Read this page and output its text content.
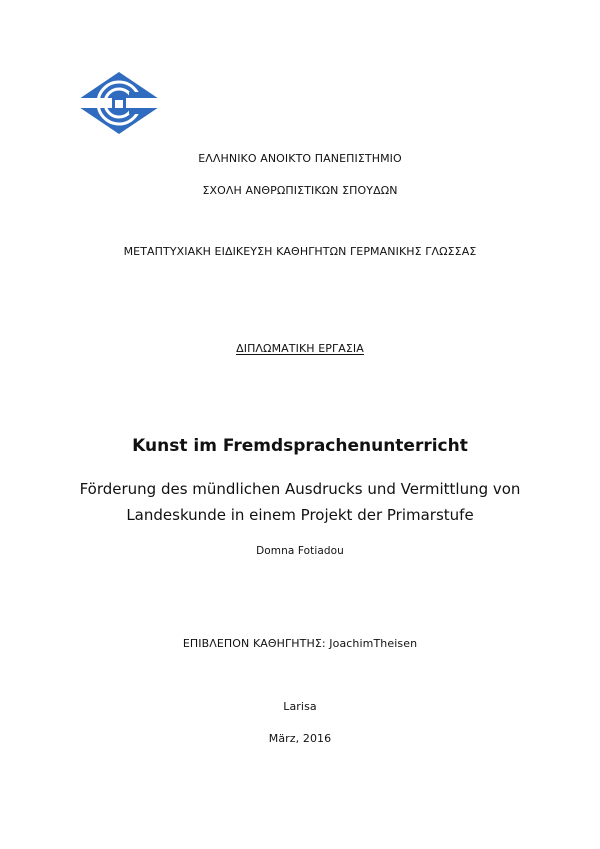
ΕΛΛΗΝΙΚΟ ΑΝΟΙΚΤΟ ΠΑΝΕΠΙΣΤΗΜΙΟ
ΣΧΟΛΗ ΑΝΘΡΩΠΙΣΤΙΚΩΝ ΣΠΟΥΔΩΝ
ΜΕΤΑΠΤΥΧΙΑΚΗ ΕΙΔΙΚΕΥΣΗ ΚΑΘΗΓΗΤΩΝ ΓΕΡΜΑΝΙΚΗΣ ΓΛΩΣΣΑΣ
ΔΙΠΛΩΜΑΤΙΚΗ ΕΡΓΑΣΙΑ
Kunst im Fremdsprachenunterricht
Förderung des mündlichen Ausdrucks und Vermittlung von
Landeskunde in einem Projekt der Primarstufe
Domna Fotiadou
ΕΠΙΒΛΕΠΟΝ ΚΑΘΗΓΗΤΗΣ: JoachimTheisen
Larisa
März, 2016
